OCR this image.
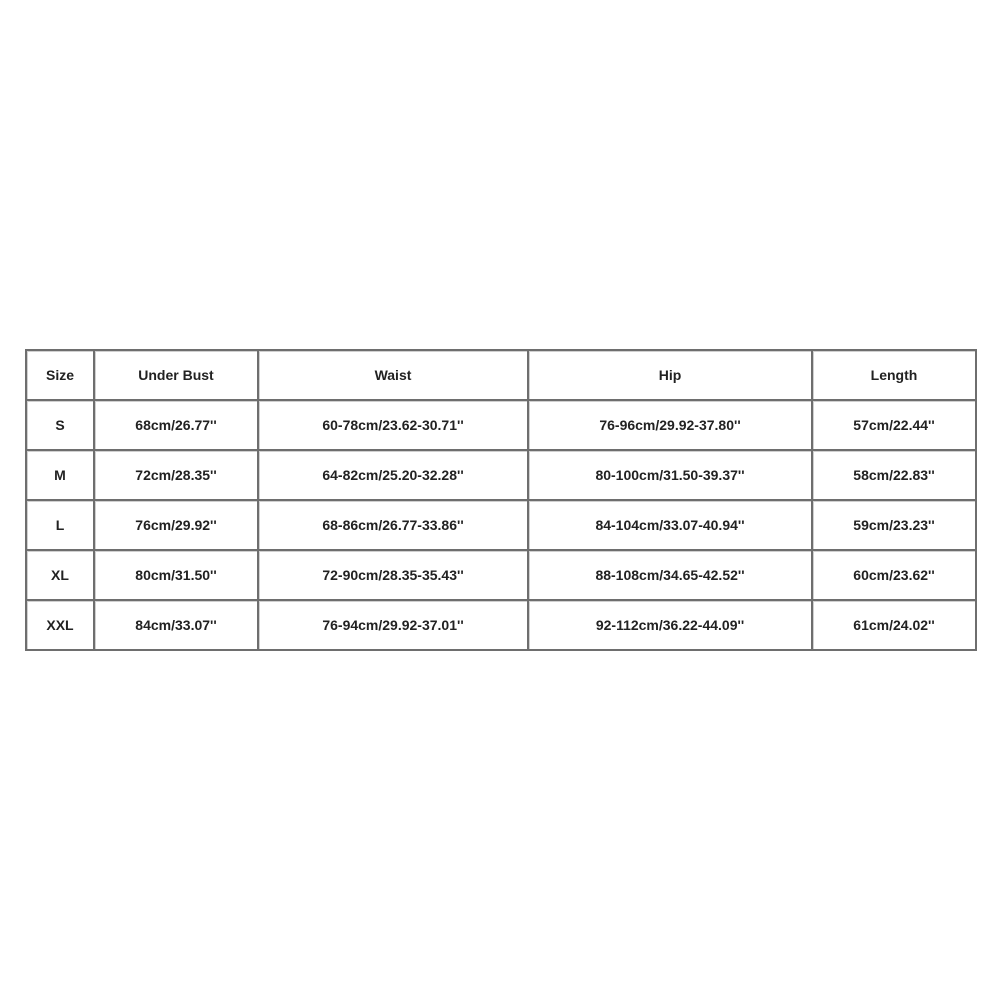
Size	Under Bust	Waist	Hip	Length
S	68cm/26.77''	60-78cm/23.62-30.71''	76-96cm/29.92-37.80''	57cm/22.44''
M	72cm/28.35''	64-82cm/25.20-32.28''	80-100cm/31.50-39.37''	58cm/22.83''
L	76cm/29.92''	68-86cm/26.77-33.86''	84-104cm/33.07-40.94''	59cm/23.23''
XL	80cm/31.50''	72-90cm/28.35-35.43''	88-108cm/34.65-42.52''	60cm/23.62''
XXL	84cm/33.07''	76-94cm/29.92-37.01''	92-112cm/36.22-44.09''	61cm/24.02''
